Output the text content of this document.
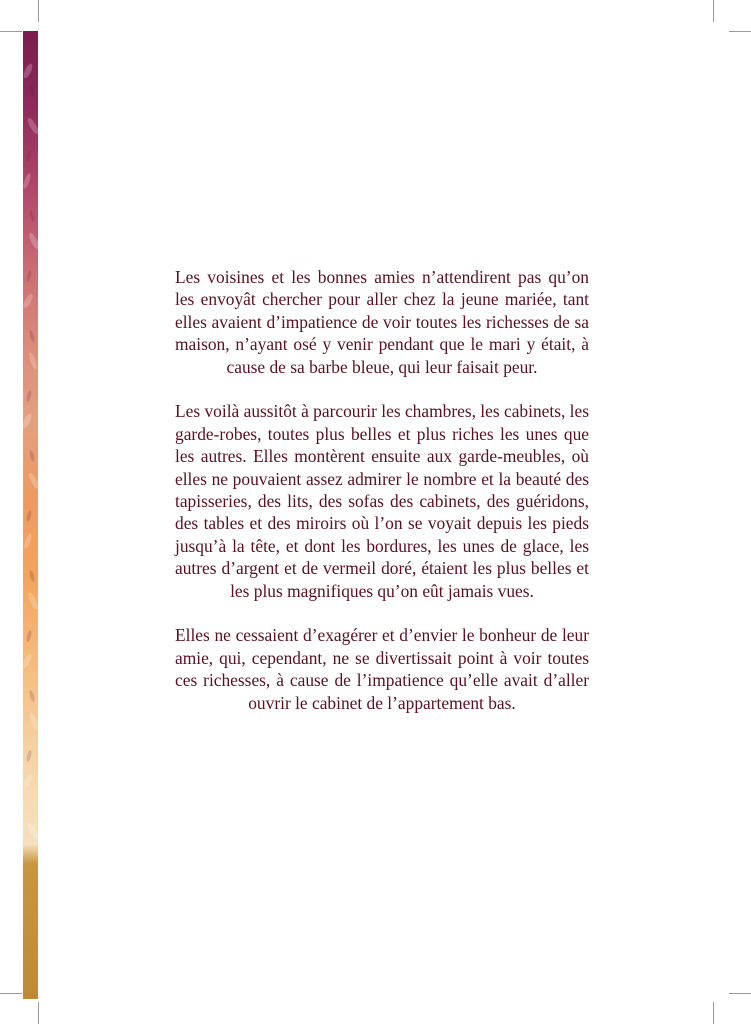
Les voisines et les bonnes amies n’attendirent pas qu’on les envoyât chercher pour aller chez la jeune mariée, tant elles avaient d’impatience de voir toutes les richesses de sa maison, n’ayant osé y venir pendant que le mari y était, à cause de sa barbe bleue, qui leur faisait peur.

Les voilà aussitôt à parcourir les chambres, les cabinets, les garde-robes, toutes plus belles et plus riches les unes que les autres. Elles montèrent ensuite aux garde-meubles, où elles ne pouvaient assez admirer le nombre et la beauté des tapisseries, des lits, des sofas des cabinets, des guéridons, des tables et des miroirs où l’on se voyait depuis les pieds jusqu’à la tête, et dont les bordures, les unes de glace, les autres d’argent et de vermeil doré, étaient les plus belles et les plus magnifiques qu’on eût jamais vues.

Elles ne cessaient d’exagérer et d’envier le bonheur de leur amie, qui, cependant, ne se divertissait point à voir toutes ces richesses, à cause de l’impatience qu’elle avait d’aller ouvrir le cabinet de l’appartement bas.
